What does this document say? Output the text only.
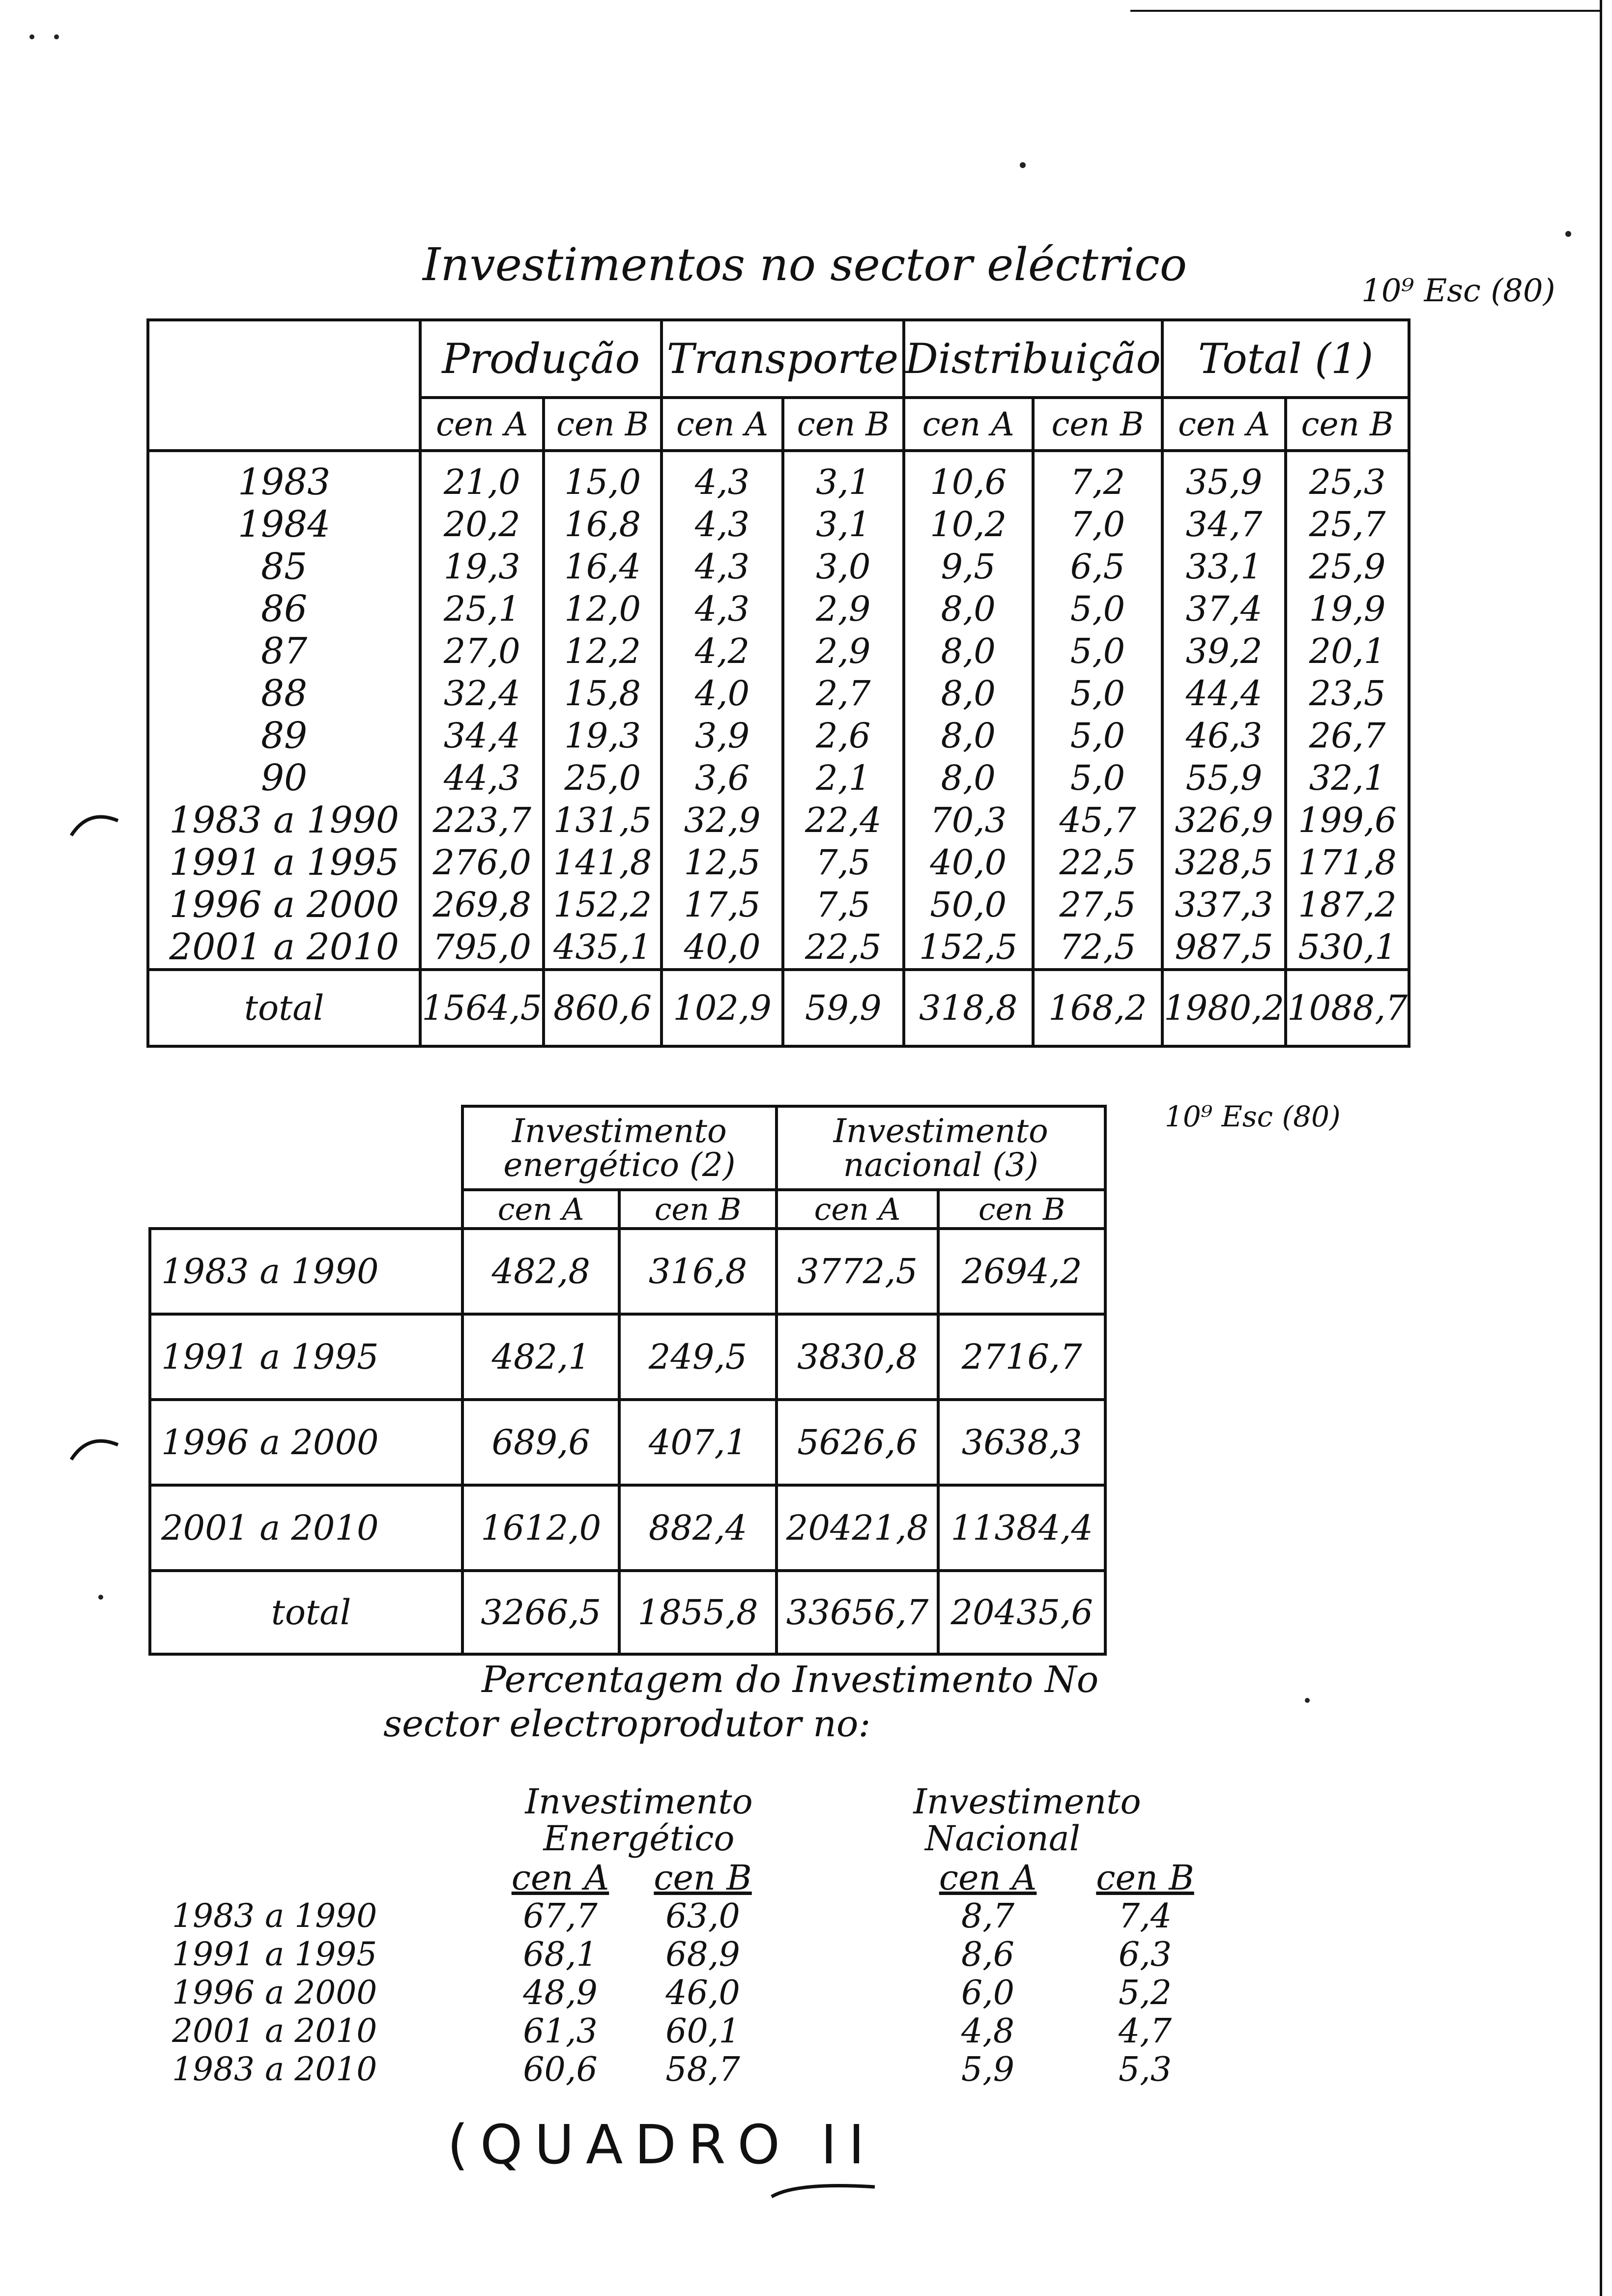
Investimentos no sector eléctrico	10⁹ Esc (80)
	Produção		Transporte		Distribuição		Total (1)	
	cen A	cen B	cen A	cen B	cen A	cen B	cen A	cen B
1983	21,0	15,0	4,3	3,1	10,6	7,2	35,9	25,3
1984	20,2	16,8	4,3	3,1	10,2	7,0	34,7	25,7
85	19,3	16,4	4,3	3,0	9,5	6,5	33,1	25,9
86	25,1	12,0	4,3	2,9	8,0	5,0	37,4	19,9
87	27,0	12,2	4,2	2,9	8,0	5,0	39,2	20,1
88	32,4	15,8	4,0	2,7	8,0	5,0	44,4	23,5
89	34,4	19,3	3,9	2,6	8,0	5,0	46,3	26,7
90	44,3	25,0	3,6	2,1	8,0	5,0	55,9	32,1
1983 a 1990	223,7	131,5	32,9	22,4	70,3	45,7	326,9	199,6
1991 a 1995	276,0	141,8	12,5	7,5	40,0	22,5	328,5	171,8
1996 a 2000	269,8	152,2	17,5	7,5	50,0	27,5	337,3	187,2
2001 a 2010	795,0	435,1	40,0	22,5	152,5	72,5	987,5	530,1
total	1564,5	860,6	102,9	59,9	318,8	168,2	1980,2	1088,7
10⁹ Esc (80)
	Investimento energético (2)		Investimento nacional (3)	
	cen A	cen B	cen A	cen B
1983 a 1990	482,8	316,8	3772,5	2694,2
1991 a 1995	482,1	249,5	3830,8	2716,7
1996 a 2000	689,6	407,1	5626,6	3638,3
2001 a 2010	1612,0	882,4	20421,8	11384,4
total	3266,5	1855,8	33656,7	20435,6
Percentagem do Investimento No
sector electroprodutor no:
Investimento
Energético
Investimento
Nacional
cen A	cen B	cen A	cen B
1983 a 1990	67,7	63,0	8,7	7,4
1991 a 1995	68,1	68,9	8,6	6,3
1996 a 2000	48,9	46,0	6,0	5,2
2001 a 2010	61,3	60,1	4,8	4,7
1983 a 2010	60,6	58,7	5,9	5,3
(QUADRO II
